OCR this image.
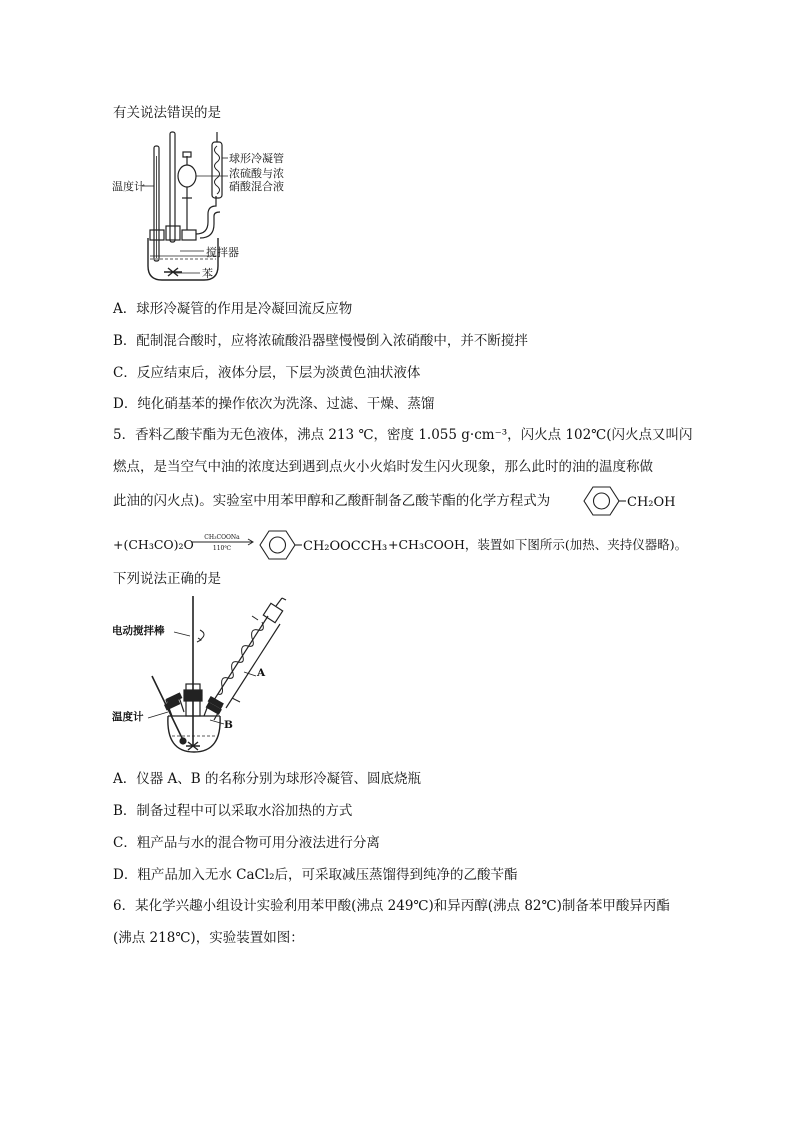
有关说法错误的是
球形冷凝管
浓硫酸与浓
硝酸混合液
温度计
搅拌器
苯
A．球形冷凝管的作用是冷凝回流反应物
B．配制混合酸时，应将浓硫酸沿器壁慢慢倒入浓硝酸中，并不断搅拌
C．反应结束后，液体分层，下层为淡黄色油状液体
D．纯化硝基苯的操作依次为洗涤、过滤、干燥、蒸馏
5．香料乙酸苄酯为无色液体，沸点 213 ℃，密度 1.055 g·cm⁻³，闪火点 102℃(闪火点又叫闪
燃点，是当空气中油的浓度达到遇到点火小火焰时发生闪火现象，那么此时的油的温度称做
此油的闪火点)。实验室中用苯甲醇和乙酸酐制备乙酸苄酯的化学方程式为	CH₂OH
+(CH₃CO)₂O CH₃COONa
110℃	CH₂OOCCH₃ +CH₃COOH，装置如下图所示(加热、夹持仪器略)。
下列说法正确的是
电动搅拌棒
温度计
A
B
A．仪器 A、B 的名称分别为球形冷凝管、圆底烧瓶
B．制备过程中可以采取水浴加热的方式
C．粗产品与水的混合物可用分液法进行分离
D．粗产品加入无水 CaCl₂后，可采取减压蒸馏得到纯净的乙酸苄酯
6．某化学兴趣小组设计实验利用苯甲酸(沸点 249℃)和异丙醇(沸点 82℃)制备苯甲酸异丙酯
(沸点 218℃)，实验装置如图：
